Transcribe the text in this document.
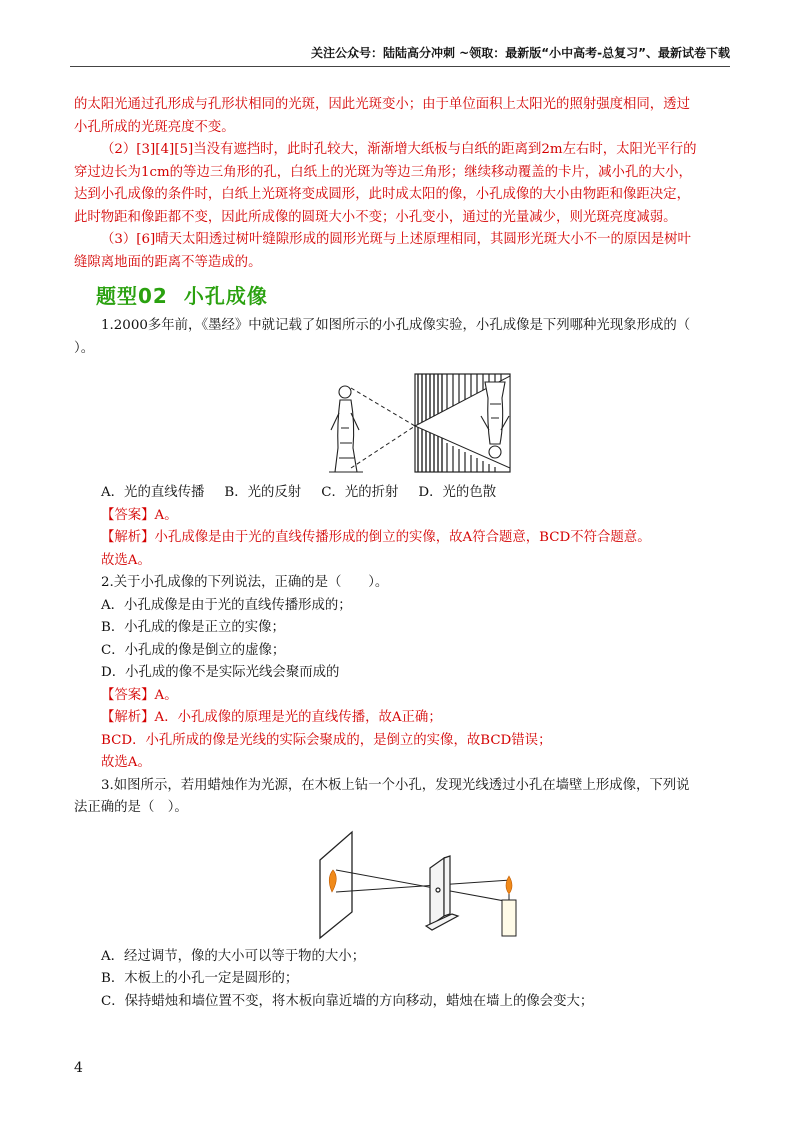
关注公众号：陆陆高分冲刺 ~领取：最新版“小中高考-总复习”、最新试卷下载

的太阳光通过孔形成与孔形状相同的光斑，因此光斑变小；由于单位面积上太阳光的照射强度相同，透过

小孔所成的光斑亮度不变。

（2）[3][4][5]当没有遮挡时，此时孔较大，渐渐增大纸板与白纸的距离到2m左右时，太阳光平行的

穿过边长为1cm的等边三角形的孔，白纸上的光斑为等边三角形；继续移动覆盖的卡片，减小孔的大小，

达到小孔成像的条件时，白纸上光斑将变成圆形，此时成太阳的像，小孔成像的大小由物距和像距决定，

此时物距和像距都不变，因此所成像的圆斑大小不变；小孔变小，通过的光量减少，则光斑亮度减弱。

（3）[6]晴天太阳透过树叶缝隙形成的圆形光斑与上述原理相同，其圆形光斑大小不一的原因是树叶

缝隙离地面的距离不等造成的。

题型02 小孔成像

1.2000多年前，《墨经》中就记载了如图所示的小孔成像实验，小孔成像是下列哪种光现象形成的（

）。

A．光的直线传播 B．光的反射 C．光的折射 D．光的色散

【答案】A。

【解析】小孔成像是由于光的直线传播形成的倒立的实像，故A符合题意，BCD不符合题意。

故选A。

2.关于小孔成像的下列说法，正确的是（　　）。

A．小孔成像是由于光的直线传播形成的；

B．小孔成的像是正立的实像；

C．小孔成的像是倒立的虚像；

D．小孔成的像不是实际光线会聚而成的

【答案】A。

【解析】A．小孔成像的原理是光的直线传播，故A正确；

BCD．小孔所成的像是光线的实际会聚成的，是倒立的实像，故BCD错误；

故选A。

3.如图所示，若用蜡烛作为光源，在木板上钻一个小孔，发现光线透过小孔在墙壁上形成像，下列说

法正确的是（　）。

A．经过调节，像的大小可以等于物的大小；

B．木板上的小孔一定是圆形的；

C．保持蜡烛和墙位置不变，将木板向靠近墙的方向移动，蜡烛在墙上的像会变大；

4
